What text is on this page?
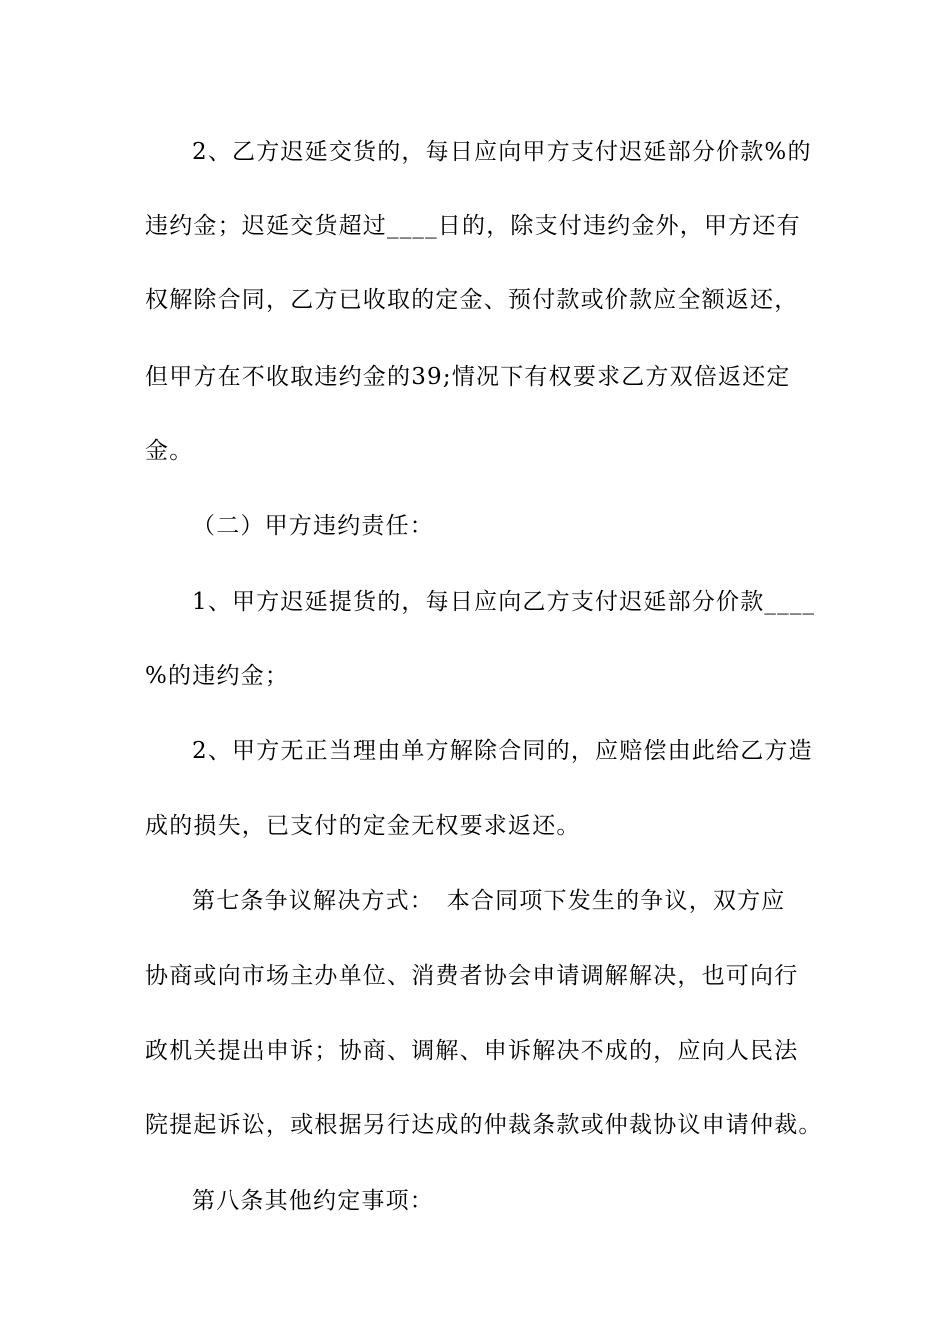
2、乙方迟延交货的，每日应向甲方支付迟延部分价款%的
违约金；迟延交货超过____日的，除支付违约金外，甲方还有
权解除合同，乙方已收取的定金、预付款或价款应全额返还，
但甲方在不收取违约金的39;情况下有权要求乙方双倍返还定
金。
（二）甲方违约责任：
1、甲方迟延提货的，每日应向乙方支付迟延部分价款____
%的违约金；
2、甲方无正当理由单方解除合同的，应赔偿由此给乙方造
成的损失，已支付的定金无权要求返还。
第七条争议解决方式：　本合同项下发生的争议，双方应
协商或向市场主办单位、消费者协会申请调解解决，也可向行
政机关提出申诉；协商、调解、申诉解决不成的，应向人民法
院提起诉讼，或根据另行达成的仲裁条款或仲裁协议申请仲裁。
第八条其他约定事项：
